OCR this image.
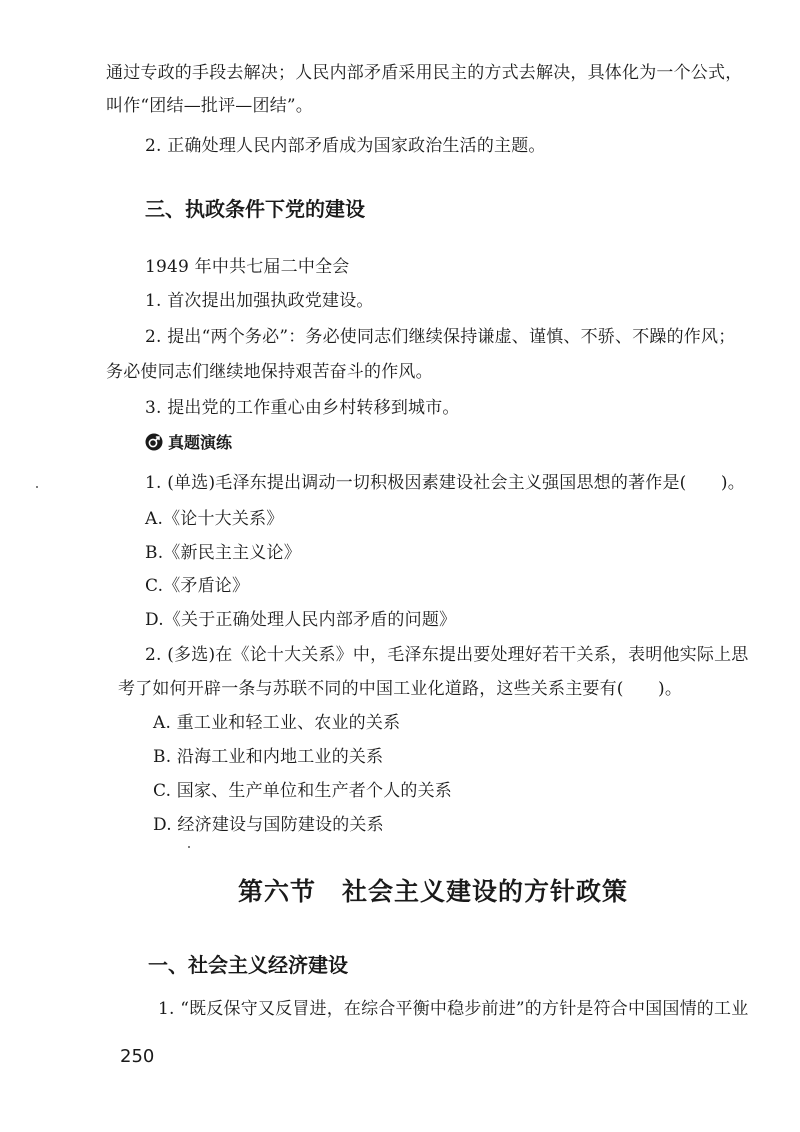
通过专政的手段去解决；人民内部矛盾采用民主的方式去解决，具体化为一个公式，
叫作“团结—批评—团结”。
2. 正确处理人民内部矛盾成为国家政治生活的主题。
三、执政条件下党的建设
1949 年中共七届二中全会
1. 首次提出加强执政党建设。
2. 提出“两个务必”：务必使同志们继续保持谦虚、谨慎、不骄、不躁的作风；
务必使同志们继续地保持艰苦奋斗的作风。
3. 提出党的工作重心由乡村转移到城市。
真题演练
1. (单选)毛泽东提出调动一切积极因素建设社会主义强国思想的著作是(　　)。
A.《论十大关系》
B.《新民主主义论》
C.《矛盾论》
D.《关于正确处理人民内部矛盾的问题》
2. (多选)在《论十大关系》中，毛泽东提出要处理好若干关系，表明他实际上思
考了如何开辟一条与苏联不同的中国工业化道路，这些关系主要有(　　)。
A. 重工业和轻工业、农业的关系
B. 沿海工业和内地工业的关系
C. 国家、生产单位和生产者个人的关系
D. 经济建设与国防建设的关系
第六节 社会主义建设的方针政策
一、社会主义经济建设
1. “既反保守又反冒进，在综合平衡中稳步前进”的方针是符合中国国情的工业
250
